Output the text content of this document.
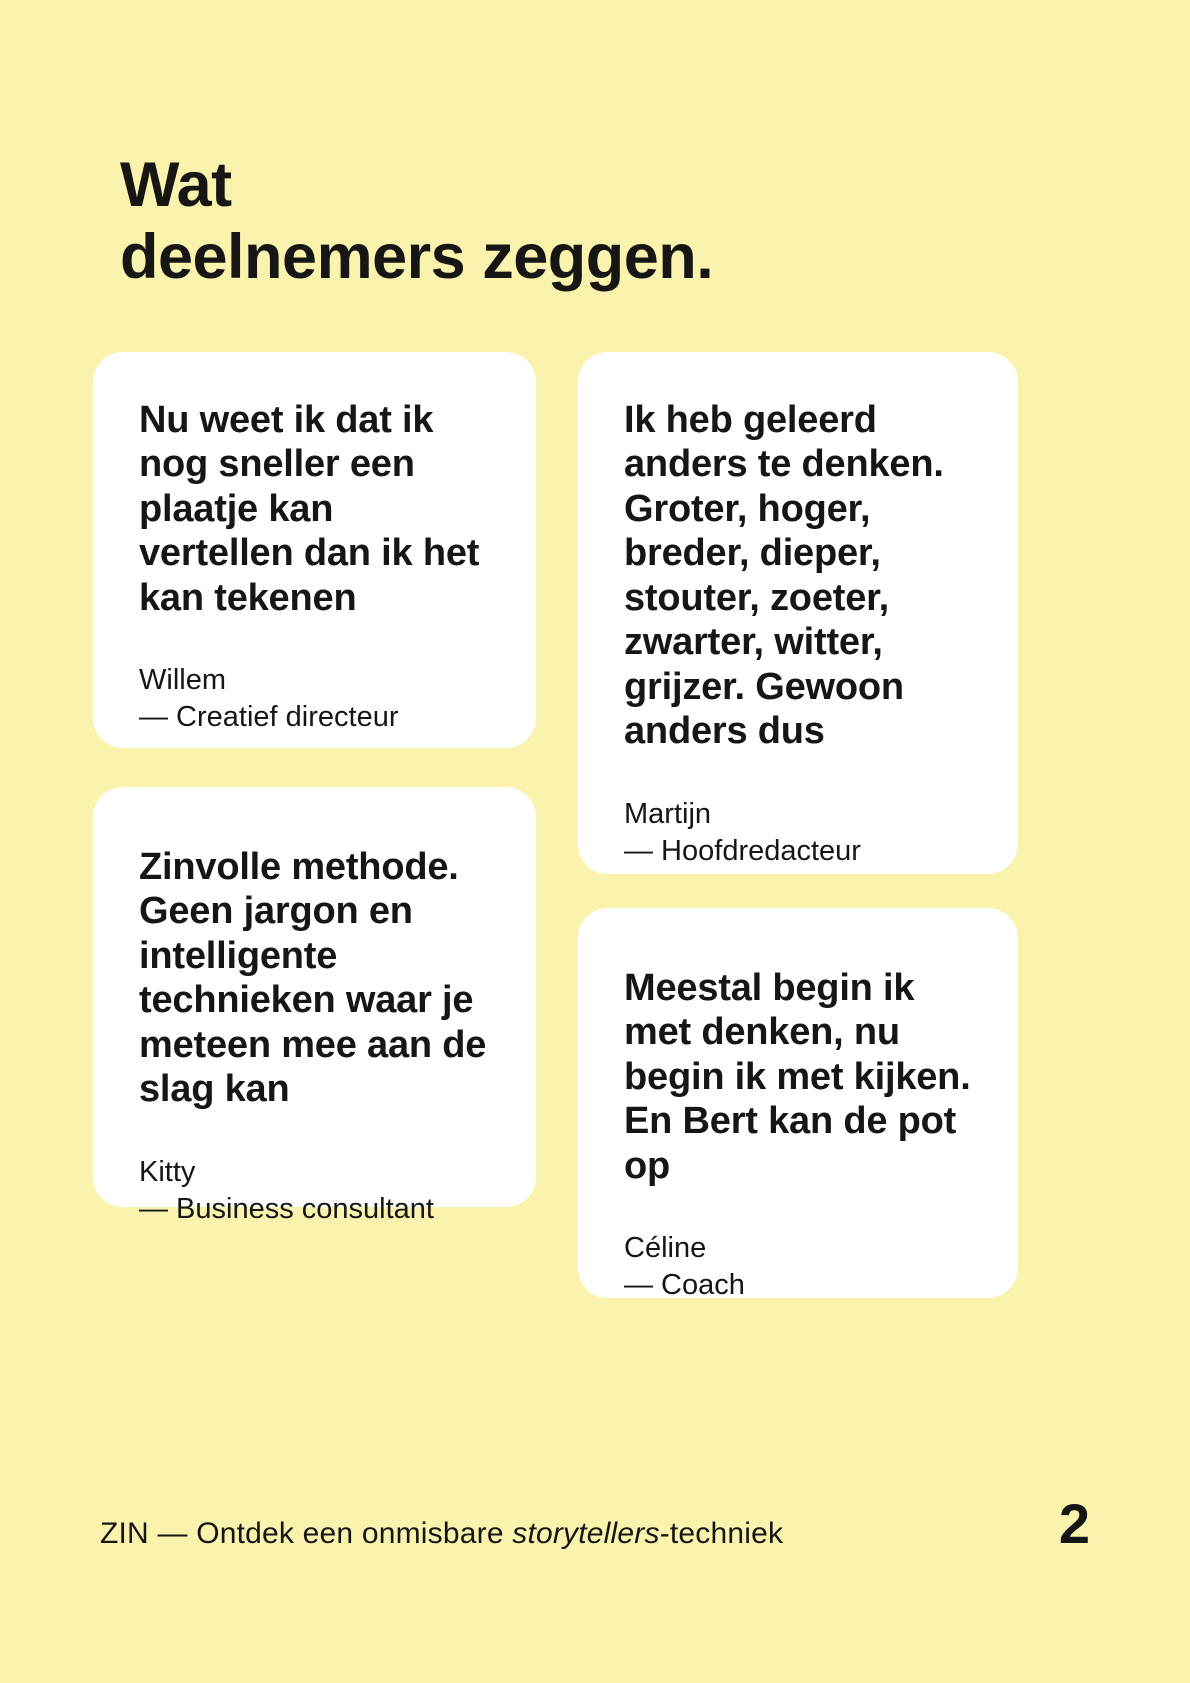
Wat
deelnemers zeggen.
Nu weet ik dat ik nog sneller een plaatje kan vertellen dan ik het kan tekenen
Willem
— Creatief directeur
Ik heb geleerd anders te denken. Groter, hoger, breder, dieper, stouter, zoeter, zwarter, witter, grijzer. Gewoon anders dus
Martijn
— Hoofdredacteur
Zinvolle methode. Geen jargon en intelligente technieken waar je meteen mee aan de slag kan
Kitty
— Business consultant
Meestal begin ik met denken, nu begin ik met kijken. En Bert kan de pot op
Céline
— Coach
ZIN — Ontdek een onmisbare storytellers-techniek	2
